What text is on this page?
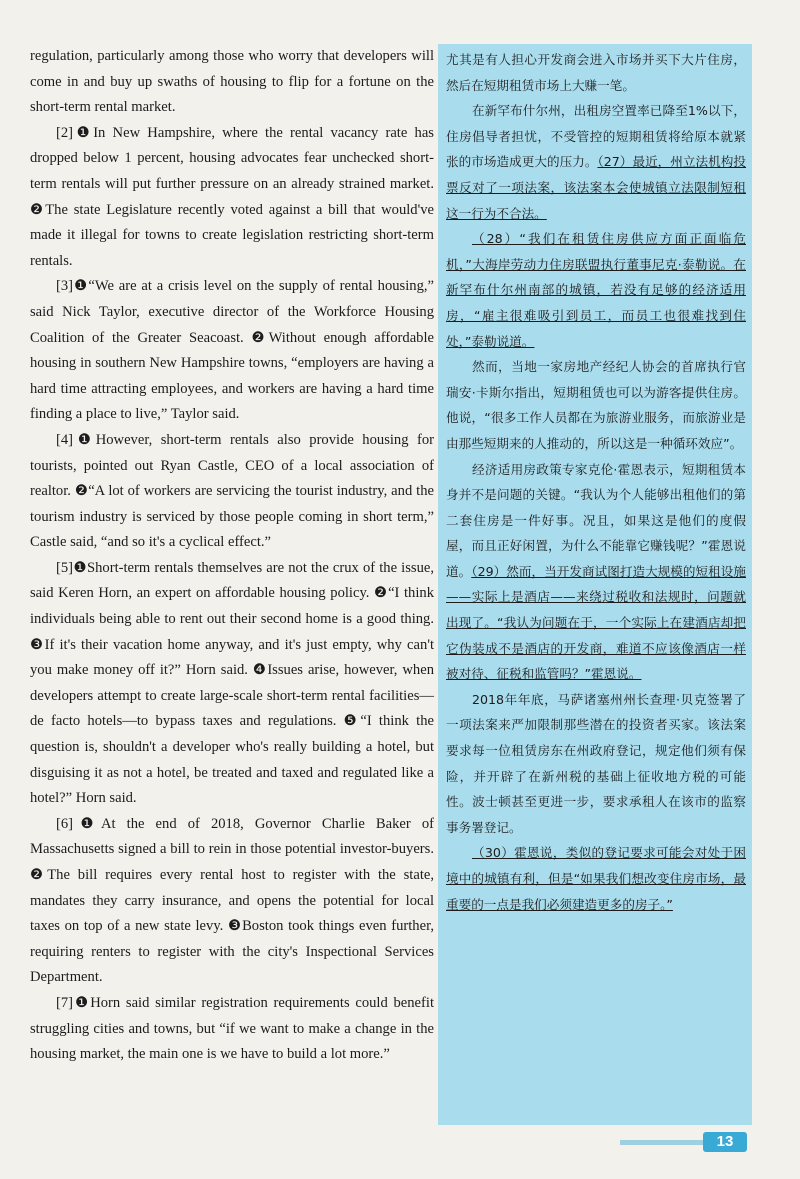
regulation, particularly among those who worry that developers will come in and buy up swaths of housing to flip for a fortune on the short-term rental market.

[2]❶In New Hampshire, where the rental vacancy rate has dropped below 1 percent, housing advocates fear unchecked short-term rentals will put further pressure on an already strained market. ❷The state Legislature recently voted against a bill that would've made it illegal for towns to create legislation restricting short-term rentals.

[3]❶“We are at a crisis level on the supply of rental housing,” said Nick Taylor, executive director of the Workforce Housing Coalition of the Greater Seacoast. ❷Without enough affordable housing in southern New Hampshire towns, “employers are having a hard time attracting employees, and workers are having a hard time finding a place to live,” Taylor said.

[4]❶However, short-term rentals also provide housing for tourists, pointed out Ryan Castle, CEO of a local association of realtor. ❷“A lot of workers are servicing the tourist industry, and the tourism industry is serviced by those people coming in short term,” Castle said, “and so it's a cyclical effect.”

[5]❶Short-term rentals themselves are not the crux of the issue, said Keren Horn, an expert on affordable housing policy. ❷“I think individuals being able to rent out their second home is a good thing. ❸If it's their vacation home anyway, and it's just empty, why can't you make money off it?” Horn said. ❹Issues arise, however, when developers attempt to create large-scale short-term rental facilities—de facto hotels—to bypass taxes and regulations. ❺“I think the question is, shouldn't a developer who's really building a hotel, but disguising it as not a hotel, be treated and taxed and regulated like a hotel?” Horn said.

[6]❶At the end of 2018, Governor Charlie Baker of Massachusetts signed a bill to rein in those potential investor-buyers. ❷The bill requires every rental host to register with the state, mandates they carry insurance, and opens the potential for local taxes on top of a new state levy. ❸Boston took things even further, requiring renters to register with the city's Inspectional Services Department.

[7]❶Horn said similar registration requirements could benefit struggling cities and towns, but “if we want to make a change in the housing market, the main one is we have to build a lot more.”

尤其是有人担心开发商会进入市场并买下大片住房，然后在短期租赁市场上大赚一笔。

在新罕布什尔州，出租房空置率已降至1%以下，住房倡导者担忧，不受管控的短期租赁将给原本就紧张的市场造成更大的压力。（27）最近，州立法机构投票反对了一项法案，该法案本会使城镇立法限制短租这一行为不合法。

（28）“我们在租赁住房供应方面正面临危机，”大海岸劳动力住房联盟执行董事尼克·泰勒说。在新罕布什尔州南部的城镇，若没有足够的经济适用房，“雇主很难吸引到员工，而员工也很难找到住处，”泰勒说道。

然而，当地一家房地产经纪人协会的首席执行官瑞安·卡斯尔指出，短期租赁也可以为游客提供住房。他说，“很多工作人员都在为旅游业服务，而旅游业是由那些短期来的人推动的，所以这是一种循环效应”。

经济适用房政策专家克伦·霍恩表示，短期租赁本身并不是问题的关键。“我认为个人能够出租他们的第二套住房是一件好事。况且，如果这是他们的度假屋，而且正好闲置，为什么不能靠它赚钱呢？”霍恩说道。（29）然而，当开发商试图打造大规模的短租设施——实际上是酒店——来绕过税收和法规时，问题就出现了。“我认为问题在于，一个实际上在建酒店却把它伪装成不是酒店的开发商，难道不应该像酒店一样被对待、征税和监管吗？”霍恩说。

2018年年底，马萨诸塞州州长查理·贝克签署了一项法案来严加限制那些潜在的投资者买家。该法案要求每一位租赁房东在州政府登记，规定他们须有保险，并开辟了在新州税的基础上征收地方税的可能性。波士顿甚至更进一步，要求承租人在该市的监察事务署登记。

（30）霍恩说，类似的登记要求可能会对处于困境中的城镇有利，但是“如果我们想改变住房市场，最重要的一点是我们必须建造更多的房子。”

13
